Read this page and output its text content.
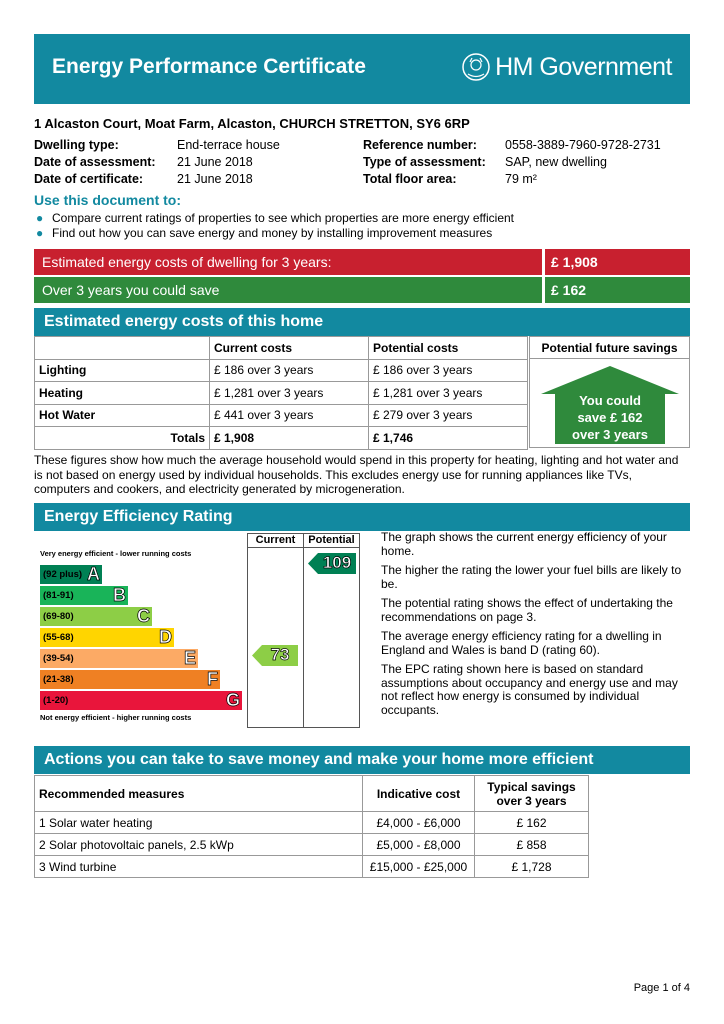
Energy Performance Certificate	HM Government
1 Alcaston Court, Moat Farm, Alcaston, CHURCH STRETTON, SY6 6RP
Dwelling type:	End-terrace house
Date of assessment: 21 June 2018
Date of certificate:	21 June 2018
Reference number: 0558-3889-7960-9728-2731
Type of assessment: SAP, new dwelling
Total floor area:	79 m²
Use this document to:
● Compare current ratings of properties to see which properties are more energy efficient
● Find out how you can save energy and money by installing improvement measures
Estimated energy costs of dwelling for 3 years:	£ 1,908
Over 3 years you could save	£ 162
Estimated energy costs of this home
	Current costs	Potential costs
Lighting	£ 186 over 3 years	£ 186 over 3 years
Heating	£ 1,281 over 3 years	£ 1,281 over 3 years
Hot Water	£ 441 over 3 years	£ 279 over 3 years
Totals	£ 1,908	£ 1,746
Potential future savings
You could
save £ 162
over 3 years
These figures show how much the average household would spend in this property for heating, lighting and hot water and is not based on energy used by individual households. This excludes energy use for running appliances like TVs, computers and cookers, and electricity generated by microgeneration.
Energy Efficiency Rating
Very energy efficient - lower running costs
(92 plus) A
(81-91) B
(69-80)	C
(55-68)	D
(39-54)	E
(21-38)	F
(1-20)	G
Not energy efficient - higher running costs
Current	Potential
73
109

The graph shows the current energy efficiency of your home.

The higher the rating the lower your fuel bills are likely to be.

The potential rating shows the effect of undertaking the recommendations on page 3.

The average energy efficiency rating for a dwelling in England and Wales is band D (rating 60).

The EPC rating shown here is based on standard assumptions about occupancy and energy use and may not reflect how energy is consumed by individual occupants.

Actions you can take to save money and make your home more efficient
Recommended measures	Indicative cost	Typical savings over 3 years
1 Solar water heating	£4,000 - £6,000	£ 162
2 Solar photovoltaic panels, 2.5 kWp	£5,000 - £8,000	£ 858
3 Wind turbine	£15,000 - £25,000	£ 1,728
Page 1 of 4
